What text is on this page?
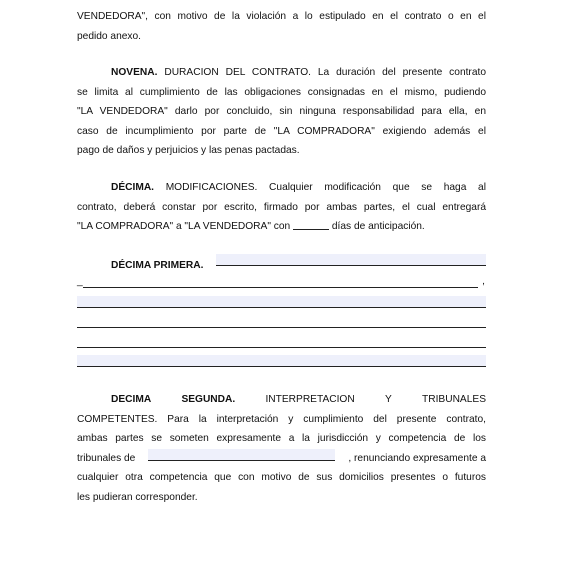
VENDEDORA", con motivo de la violación a lo estipulado en el contrato o en el
pedido anexo.
NOVENA. DURACION DEL CONTRATO. La duración del presente contrato
se limita al cumplimiento de las obligaciones consignadas en el mismo, pudiendo
"LA VENDEDORA" darlo por concluido, sin ninguna responsabilidad para ella, en
caso de incumplimiento por parte de "LA COMPRADORA" exigiendo además el
pago de daños y perjuicios y las penas pactadas.
DÉCIMA. MODIFICACIONES. Cualquier modificación que se haga al
contrato, deberá constar por escrito, firmado por ambas partes, el cual entregará
"LA COMPRADORA" a "LA VENDEDORA" con	días de anticipación.
DÉCIMA PRIMERA.
_	,
DECIMA	SEGUNDA.	INTERPRETACION	Y	TRIBUNALES
COMPETENTES. Para la interpretación y cumplimiento del presente contrato,
ambas partes se someten expresamente a la jurisdicción y competencia de los
tribunales de	, renunciando expresamente a
cualquier otra competencia que con motivo de sus domicilios presentes o futuros
les pudieran corresponder.
